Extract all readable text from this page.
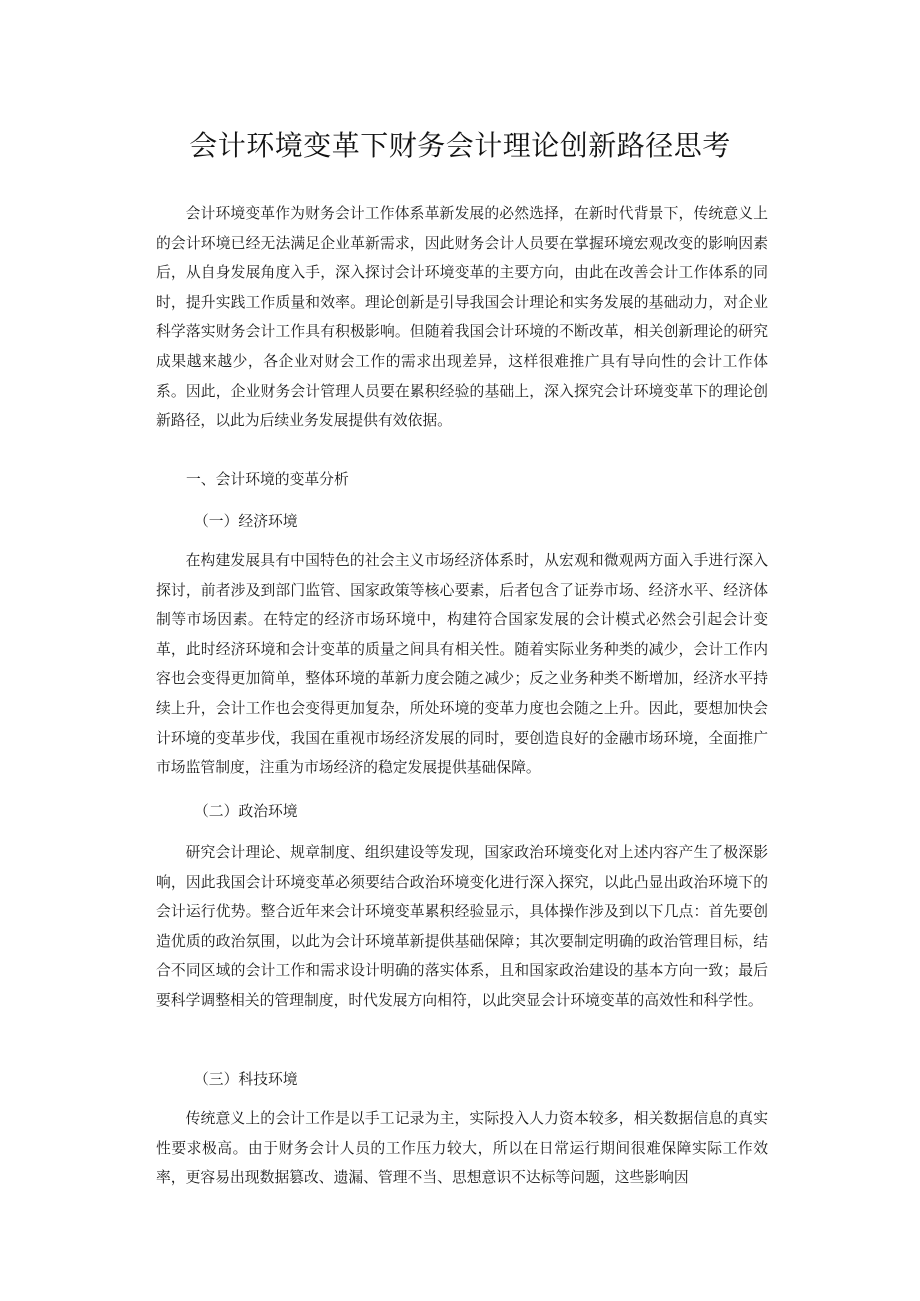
会计环境变革下财务会计理论创新路径思考

会计环境变革作为财务会计工作体系革新发展的必然选择，在新时代背景下，传统意义上的会计环境已经无法满足企业革新需求，因此财务会计人员要在掌握环境宏观改变的影响因素后，从自身发展角度入手，深入探讨会计环境变革的主要方向，由此在改善会计工作体系的同时，提升实践工作质量和效率。理论创新是引导我国会计理论和实务发展的基础动力，对企业科学落实财务会计工作具有积极影响。但随着我国会计环境的不断改革，相关创新理论的研究成果越来越少，各企业对财会工作的需求出现差异，这样很难推广具有导向性的会计工作体系。因此，企业财务会计管理人员要在累积经验的基础上，深入探究会计环境变革下的理论创新路径，以此为后续业务发展提供有效依据。

一、会计环境的变革分析

（一）经济环境

在构建发展具有中国特色的社会主义市场经济体系时，从宏观和微观两方面入手进行深入探讨，前者涉及到部门监管、国家政策等核心要素，后者包含了证券市场、经济水平、经济体制等市场因素。在特定的经济市场环境中，构建符合国家发展的会计模式必然会引起会计变革，此时经济环境和会计变革的质量之间具有相关性。随着实际业务种类的减少，会计工作内容也会变得更加简单，整体环境的革新力度会随之减少；反之业务种类不断增加，经济水平持续上升，会计工作也会变得更加复杂，所处环境的变革力度也会随之上升。因此，要想加快会计环境的变革步伐，我国在重视市场经济发展的同时，要创造良好的金融市场环境，全面推广市场监管制度，注重为市场经济的稳定发展提供基础保障。

（二）政治环境

研究会计理论、规章制度、组织建设等发现，国家政治环境变化对上述内容产生了极深影响，因此我国会计环境变革必须要结合政治环境变化进行深入探究，以此凸显出政治环境下的会计运行优势。整合近年来会计环境变革累积经验显示，具体操作涉及到以下几点：首先要创造优质的政治氛围，以此为会计环境革新提供基础保障；其次要制定明确的政治管理目标，结合不同区域的会计工作和需求设计明确的落实体系，且和国家政治建设的基本方向一致；最后要科学调整相关的管理制度，时代发展方向相符，以此突显会计环境变革的高效性和科学性。

（三）科技环境

传统意义上的会计工作是以手工记录为主，实际投入人力资本较多，相关数据信息的真实性要求极高。由于财务会计人员的工作压力较大，所以在日常运行期间很难保障实际工作效率，更容易出现数据篡改、遗漏、管理不当、思想意识不达标等问题，这些影响因
